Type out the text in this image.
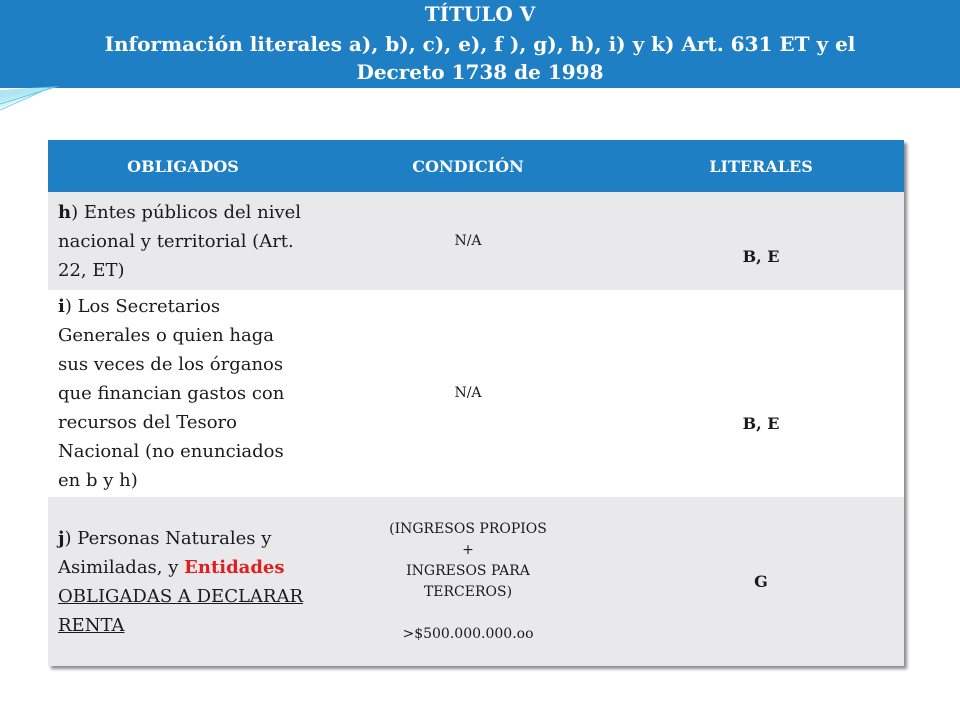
TÍTULO V
Información literales a), b), c), e), f ), g), h), i) y k) Art. 631 ET y el
Decreto 1738 de 1998
OBLIGADOS	CONDICIÓN	LITERALES
h) Entes públicos del nivel nacional y territorial (Art. 22, ET)	N/A	B, E

i) Los Secretarios Generales o quien haga sus veces de los órganos que financian gastos con recursos del Tesoro Nacional (no enunciados en b y h)	N/A	B, E

j) Personas Naturales y Asimiladas, y Entidades OBLIGADAS A DECLARAR RENTA	(INGRESOS PROPIOS
+
INGRESOS PARA
TERCEROS)
>$500.000.000.oo	G
